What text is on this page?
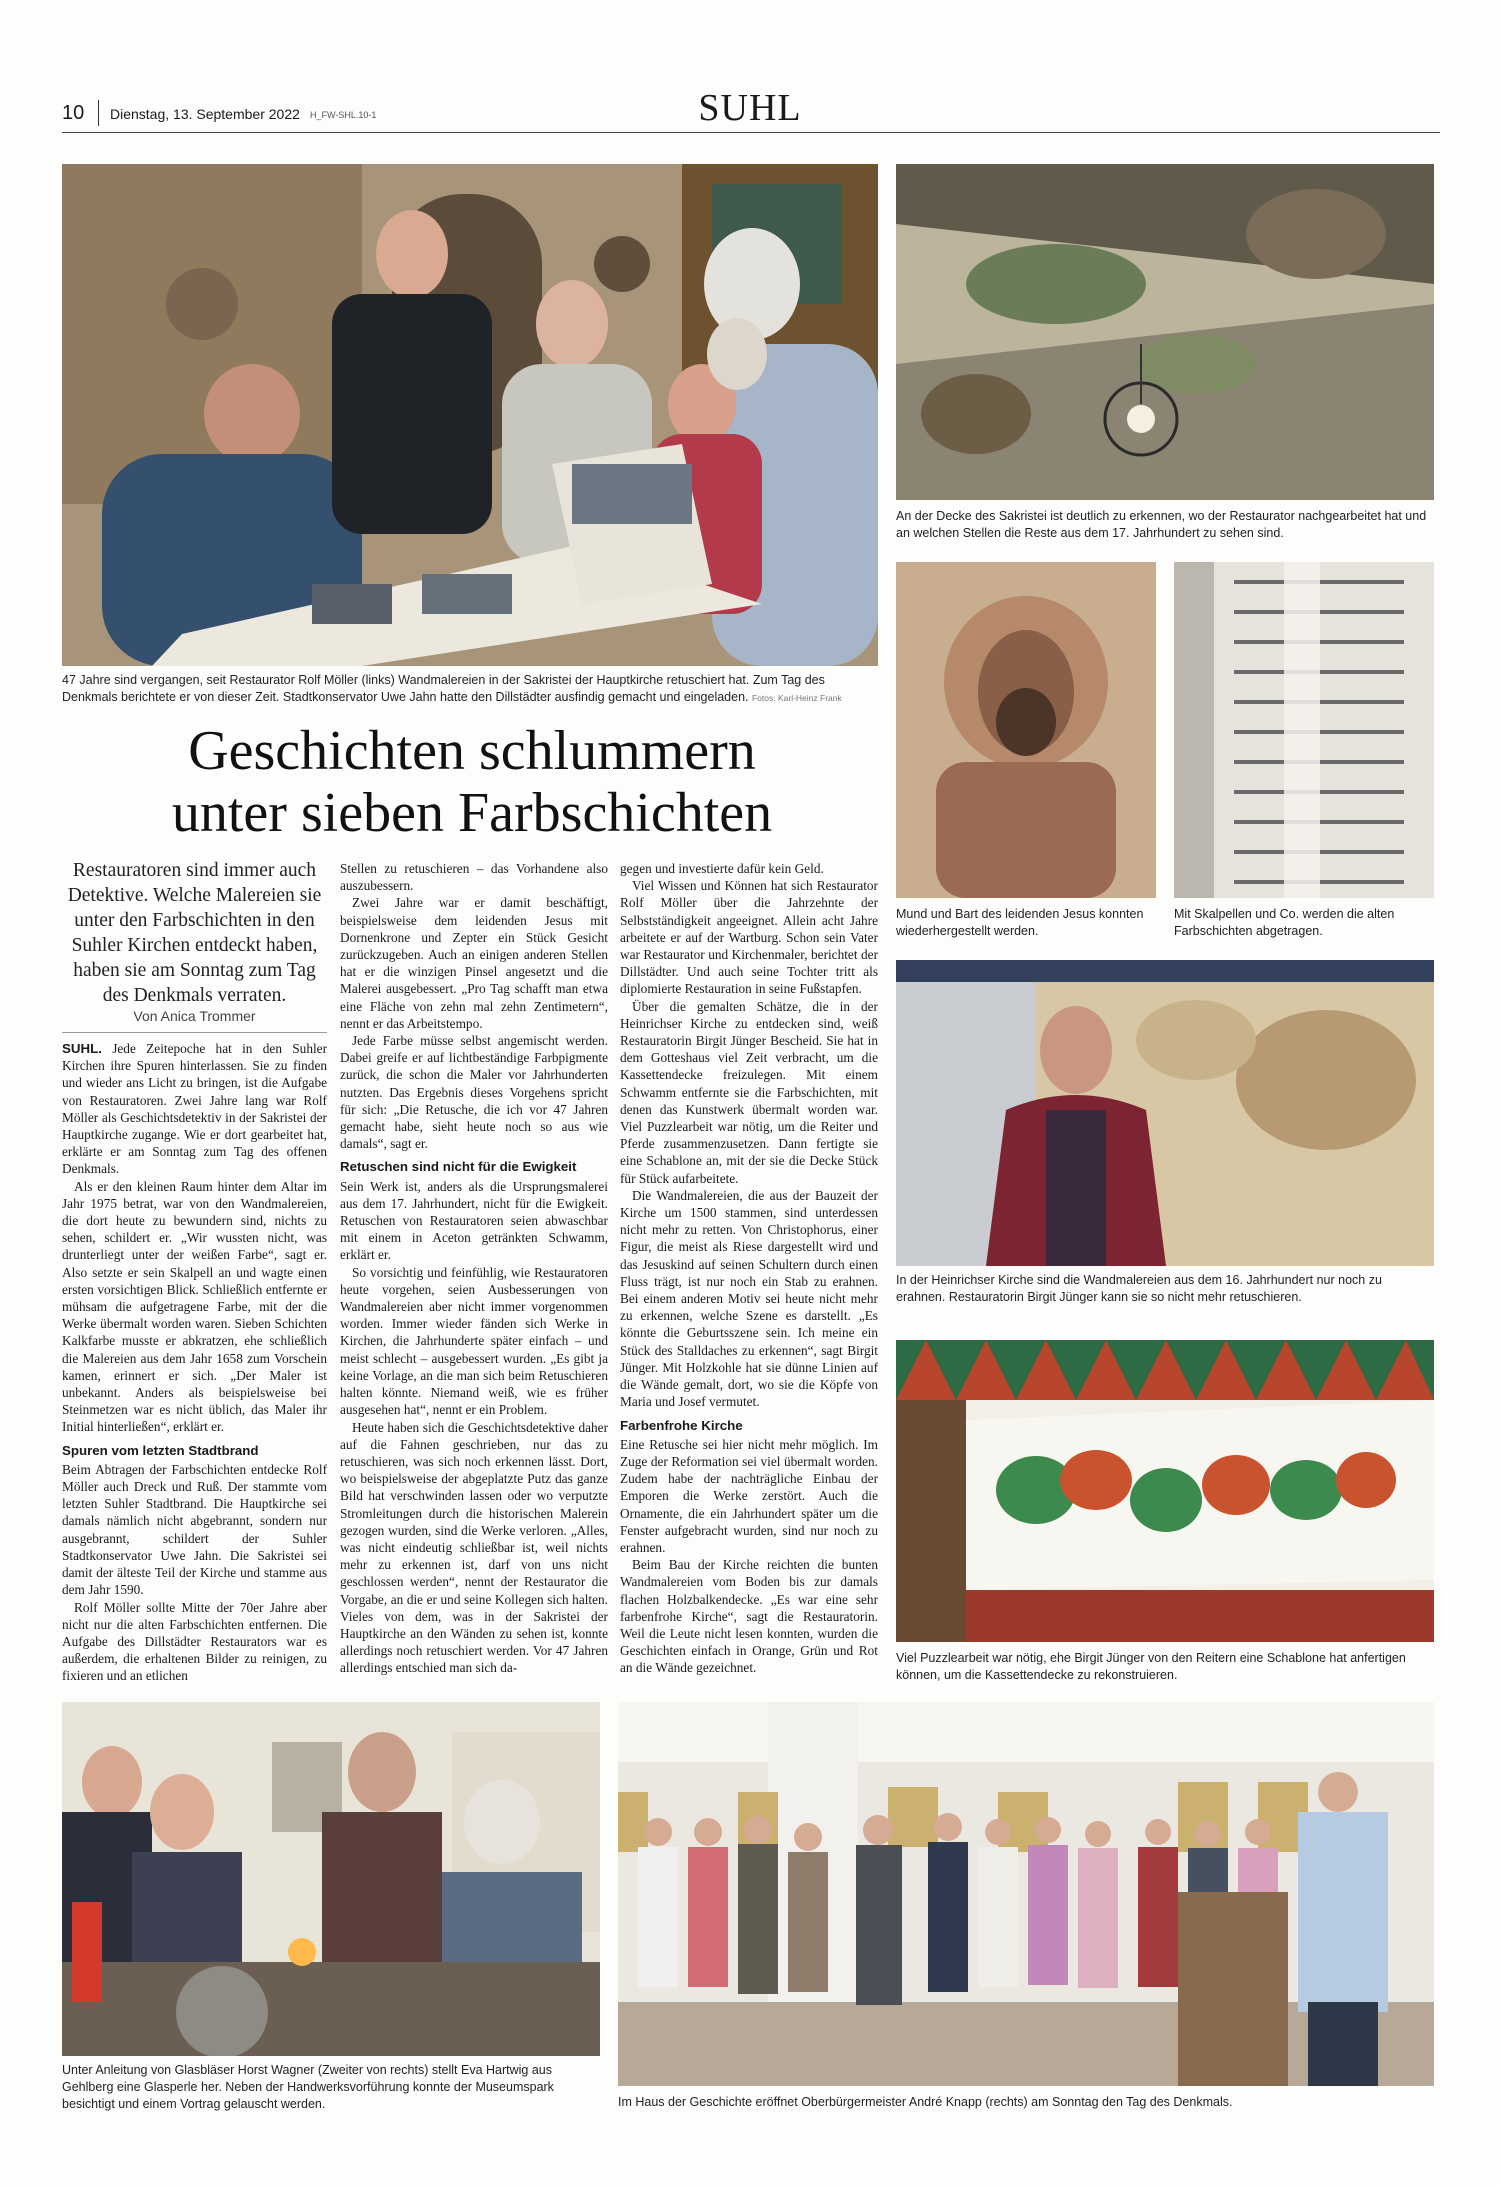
10 Dienstag, 13. September 2022 H_FW-SHL.10-1	SUHL
47 Jahre sind vergangen, seit Restaurator Rolf Möller (links) Wandmalereien in der Sakristei der Hauptkirche retuschiert hat. Zum Tag des Denkmals berichtete er von dieser Zeit. Stadtkonservator Uwe Jahn hatte den Dillstädter ausfindig gemacht und eingeladen. Fotos: Karl-Heinz Frank
An der Decke des Sakristei ist deutlich zu erkennen, wo der Restaurator nachgearbeitet hat und an welchen Stellen die Reste aus dem 17. Jahrhundert zu sehen sind.
Mund und Bart des leidenden Jesus konnten wiederhergestellt werden.
Mit Skalpellen und Co. werden die alten Farbschichten abgetragen.
In der Heinrichser Kirche sind die Wandmalereien aus dem 16. Jahrhundert nur noch zu erahnen. Restauratorin Birgit Jünger kann sie so nicht mehr retuschieren.
Viel Puzzlearbeit war nötig, ehe Birgit Jünger von den Reitern eine Schablone hat anfertigen können, um die Kassettendecke zu rekonstruieren.
Unter Anleitung von Glasbläser Horst Wagner (Zweiter von rechts) stellt Eva Hartwig aus Gehlberg eine Glasperle her. Neben der Handwerksvorführung konnte der Museumspark besichtigt und einem Vortrag gelauscht werden.	Im Haus der Geschichte eröffnet Oberbürgermeister André Knapp (rechts) am Sonntag den Tag des Denkmals.
Geschichten schlummern
unter sieben Farbschichten
Restauratoren sind immer auch Detektive. Welche Malereien sie unter den Farbschichten in den Suhler Kirchen entdeckt haben, haben sie am Sonntag zum Tag des Denkmals verraten.
Von Anica Trommer

SUHL. Jede Zeitepoche hat in den Suhler Kirchen ihre Spuren hinterlassen. Sie zu finden und wieder ans Licht zu bringen, ist die Aufgabe von Restauratoren. Zwei Jahre lang war Rolf Möller als Geschichtsdetektiv in der Sakristei der Hauptkirche zugange. Wie er dort gearbeitet hat, erklärte er am Sonntag zum Tag des offenen Denkmals.

Als er den kleinen Raum hinter dem Altar im Jahr 1975 betrat, war von den Wandmalereien, die dort heute zu bewundern sind, nichts zu sehen, schildert er. „Wir wussten nicht, was drunterliegt unter der weißen Farbe“, sagt er. Also setzte er sein Skalpell an und wagte einen ersten vorsichtigen Blick. Schließlich entfernte er mühsam die aufgetragene Farbe, mit der die Werke übermalt worden waren. Sieben Schichten Kalkfarbe musste er abkratzen, ehe schließlich die Malereien aus dem Jahr 1658 zum Vorschein kamen, erinnert er sich. „Der Maler ist unbekannt. Anders als beispielsweise bei Steinmetzen war es nicht üblich, das Maler ihr Initial hinterließen“, erklärt er.

Spuren vom letzten Stadtbrand

Beim Abtragen der Farbschichten entdecke Rolf Möller auch Dreck und Ruß. Der stammte vom letzten Suhler Stadtbrand. Die Hauptkirche sei damals nämlich nicht abgebrannt, sondern nur ausgebrannt, schildert der Suhler Stadtkonservator Uwe Jahn. Die Sakristei sei damit der älteste Teil der Kirche und stamme aus dem Jahr 1590.

Rolf Möller sollte Mitte der 70er Jahre aber nicht nur die alten Farbschichten entfernen. Die Aufgabe des Dillstädter Restaurators war es außerdem, die erhaltenen Bilder zu reinigen, zu fixieren und an etlichen

Stellen zu retuschieren – das Vorhandene also auszubessern.

Zwei Jahre war er damit beschäftigt, beispielsweise dem leidenden Jesus mit Dornenkrone und Zepter ein Stück Gesicht zurückzugeben. Auch an einigen anderen Stellen hat er die winzigen Pinsel angesetzt und die Malerei ausgebessert. „Pro Tag schafft man etwa eine Fläche von zehn mal zehn Zentimetern“, nennt er das Arbeitstempo.

Jede Farbe müsse selbst angemischt werden. Dabei greife er auf lichtbeständige Farbpigmente zurück, die schon die Maler vor Jahrhunderten nutzten. Das Ergebnis dieses Vorgehens spricht für sich: „Die Retusche, die ich vor 47 Jahren gemacht habe, sieht heute noch so aus wie damals“, sagt er.

Retuschen sind nicht für die Ewigkeit

Sein Werk ist, anders als die Ursprungsmalerei aus dem 17. Jahrhundert, nicht für die Ewigkeit. Retuschen von Restauratoren seien abwaschbar mit einem in Aceton getränkten Schwamm, erklärt er.

So vorsichtig und feinfühlig, wie Restauratoren heute vorgehen, seien Ausbesserungen von Wandmalereien aber nicht immer vorgenommen worden. Immer wieder fänden sich Werke in Kirchen, die Jahrhunderte später einfach – und meist schlecht – ausgebessert wurden. „Es gibt ja keine Vorlage, an die man sich beim Retuschieren halten könnte. Niemand weiß, wie es früher ausgesehen hat“, nennt er ein Problem.

Heute haben sich die Geschichtsdetektive daher auf die Fahnen geschrieben, nur das zu retuschieren, was sich noch erkennen lässt. Dort, wo beispielsweise der abgeplatzte Putz das ganze Bild hat verschwinden lassen oder wo verputzte Stromleitungen durch die historischen Malerein gezogen wurden, sind die Werke verloren. „Alles, was nicht eindeutig schließbar ist, weil nichts mehr zu erkennen ist, darf von uns nicht geschlossen werden“, nennt der Restaurator die Vorgabe, an die er und seine Kollegen sich halten. Vieles von dem, was in der Sakristei der Hauptkirche an den Wänden zu sehen ist, konnte allerdings noch retuschiert werden. Vor 47 Jahren allerdings entschied man sich da-

gegen und investierte dafür kein Geld.

Viel Wissen und Können hat sich Restaurator Rolf Möller über die Jahrzehnte der Selbstständigkeit angeeignet. Allein acht Jahre arbeitete er auf der Wartburg. Schon sein Vater war Restaurator und Kirchenmaler, berichtet der Dillstädter. Und auch seine Tochter tritt als diplomierte Restauration in seine Fußstapfen.

Über die gemalten Schätze, die in der Heinrichser Kirche zu entdecken sind, weiß Restauratorin Birgit Jünger Bescheid. Sie hat in dem Gotteshaus viel Zeit verbracht, um die Kassettendecke freizulegen. Mit einem Schwamm entfernte sie die Farbschichten, mit denen das Kunstwerk übermalt worden war. Viel Puzzlearbeit war nötig, um die Reiter und Pferde zusammenzusetzen. Dann fertigte sie eine Schablone an, mit der sie die Decke Stück für Stück aufarbeitete.

Die Wandmalereien, die aus der Bauzeit der Kirche um 1500 stammen, sind unterdessen nicht mehr zu retten. Von Christophorus, einer Figur, die meist als Riese dargestellt wird und das Jesuskind auf seinen Schultern durch einen Fluss trägt, ist nur noch ein Stab zu erahnen. Bei einem anderen Motiv sei heute nicht mehr zu erkennen, welche Szene es darstellt. „Es könnte die Geburtsszene sein. Ich meine ein Stück des Stalldaches zu erkennen“, sagt Birgit Jünger. Mit Holzkohle hat sie dünne Linien auf die Wände gemalt, dort, wo sie die Köpfe von Maria und Josef vermutet.

Farbenfrohe Kirche

Eine Retusche sei hier nicht mehr möglich. Im Zuge der Reformation sei viel übermalt worden. Zudem habe der nachträgliche Einbau der Emporen die Werke zerstört. Auch die Ornamente, die ein Jahrhundert später um die Fenster aufgebracht wurden, sind nur noch zu erahnen.

Beim Bau der Kirche reichten die bunten Wandmalereien vom Boden bis zur damals flachen Holzbalkendecke. „Es war eine sehr farbenfrohe Kirche“, sagt die Restauratorin. Weil die Leute nicht lesen konnten, wurden die Geschichten einfach in Orange, Grün und Rot an die Wände gezeichnet.
